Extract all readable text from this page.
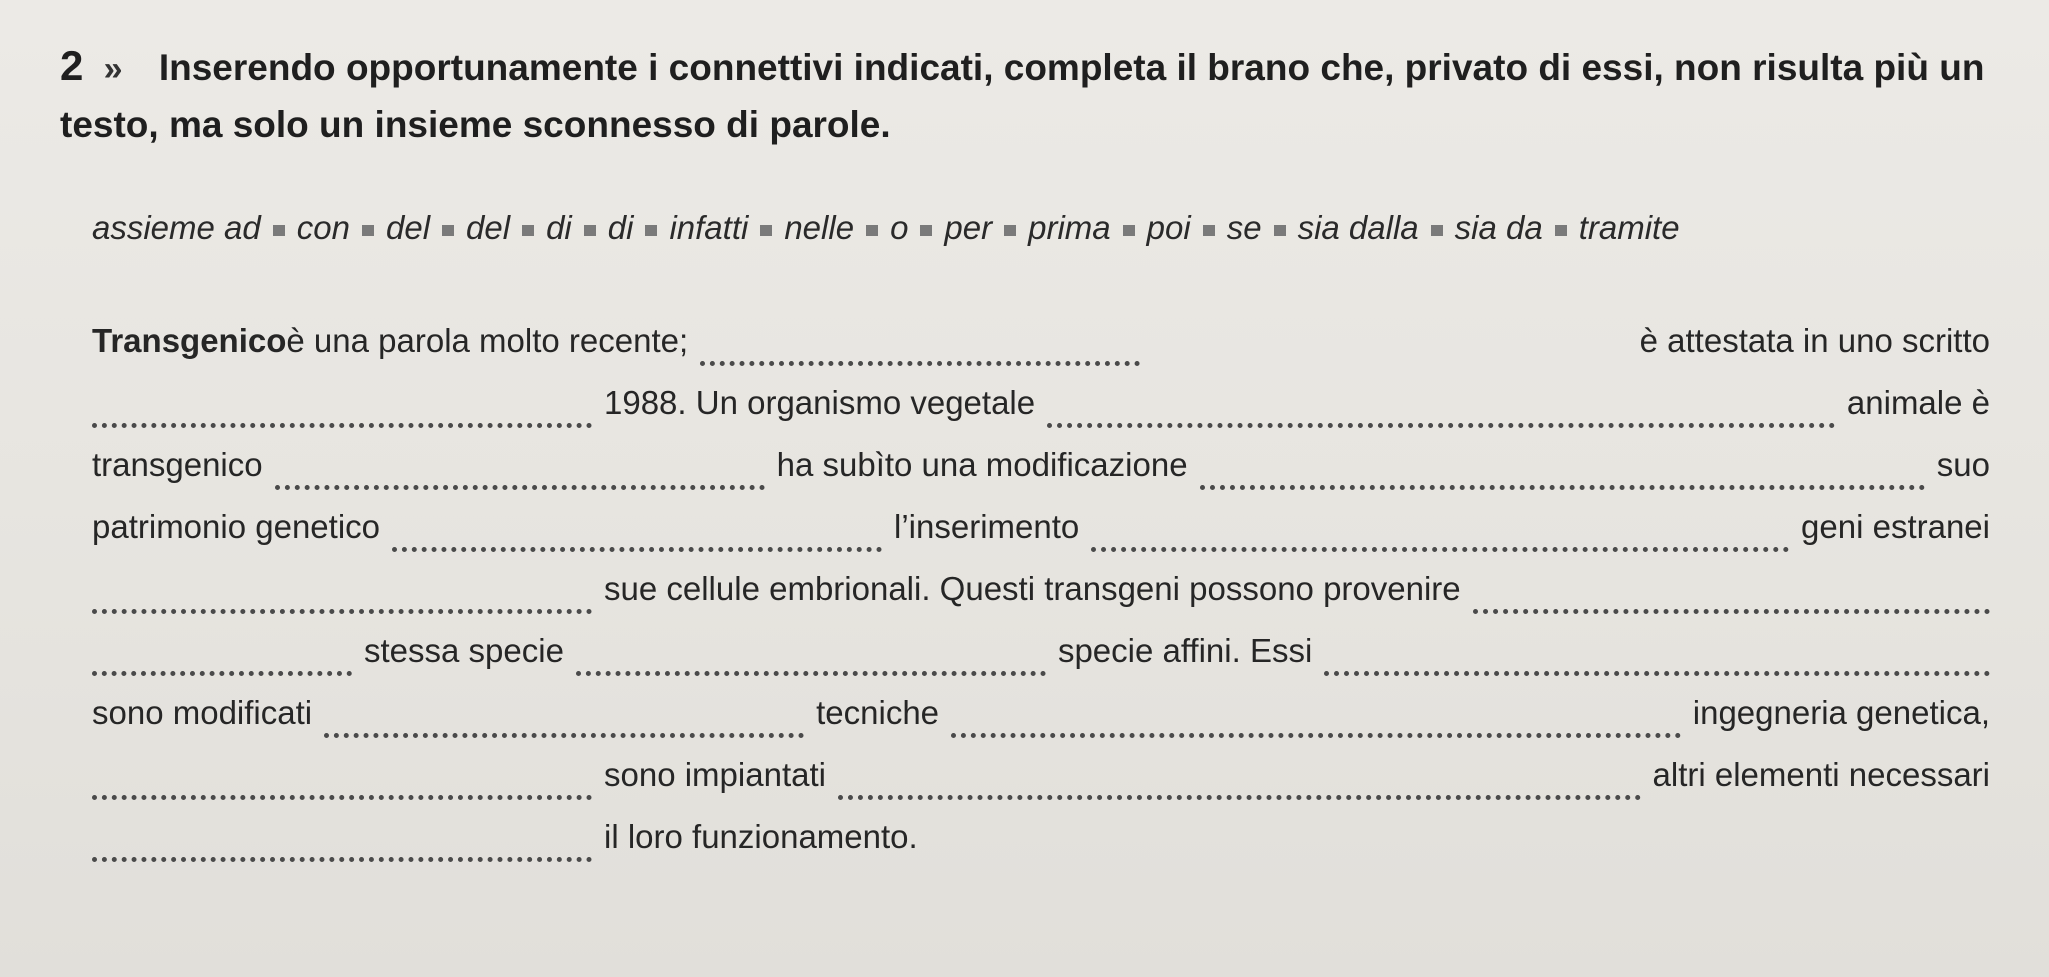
2 » Inserendo opportunamente i connettivi indicati, completa il brano che, privato di essi, non risulta più un testo, ma solo un insieme sconnesso di parole.
assieme ad con del del di di infatti nelle o per prima poi se sia dalla sia da tramite
Transgenico è una parola molto recente;	è attestata in uno scritto
1988. Un organismo vegetale	animale è
transgenico	ha subìto una modificazione	suo
patrimonio genetico	l’inserimento	geni estranei
sue cellule embrionali. Questi transgeni possono provenire
stessa specie	specie affini. Essi
sono modificati	tecniche	ingegneria genetica,
sono impiantati	altri elementi necessari
il loro funzionamento.
